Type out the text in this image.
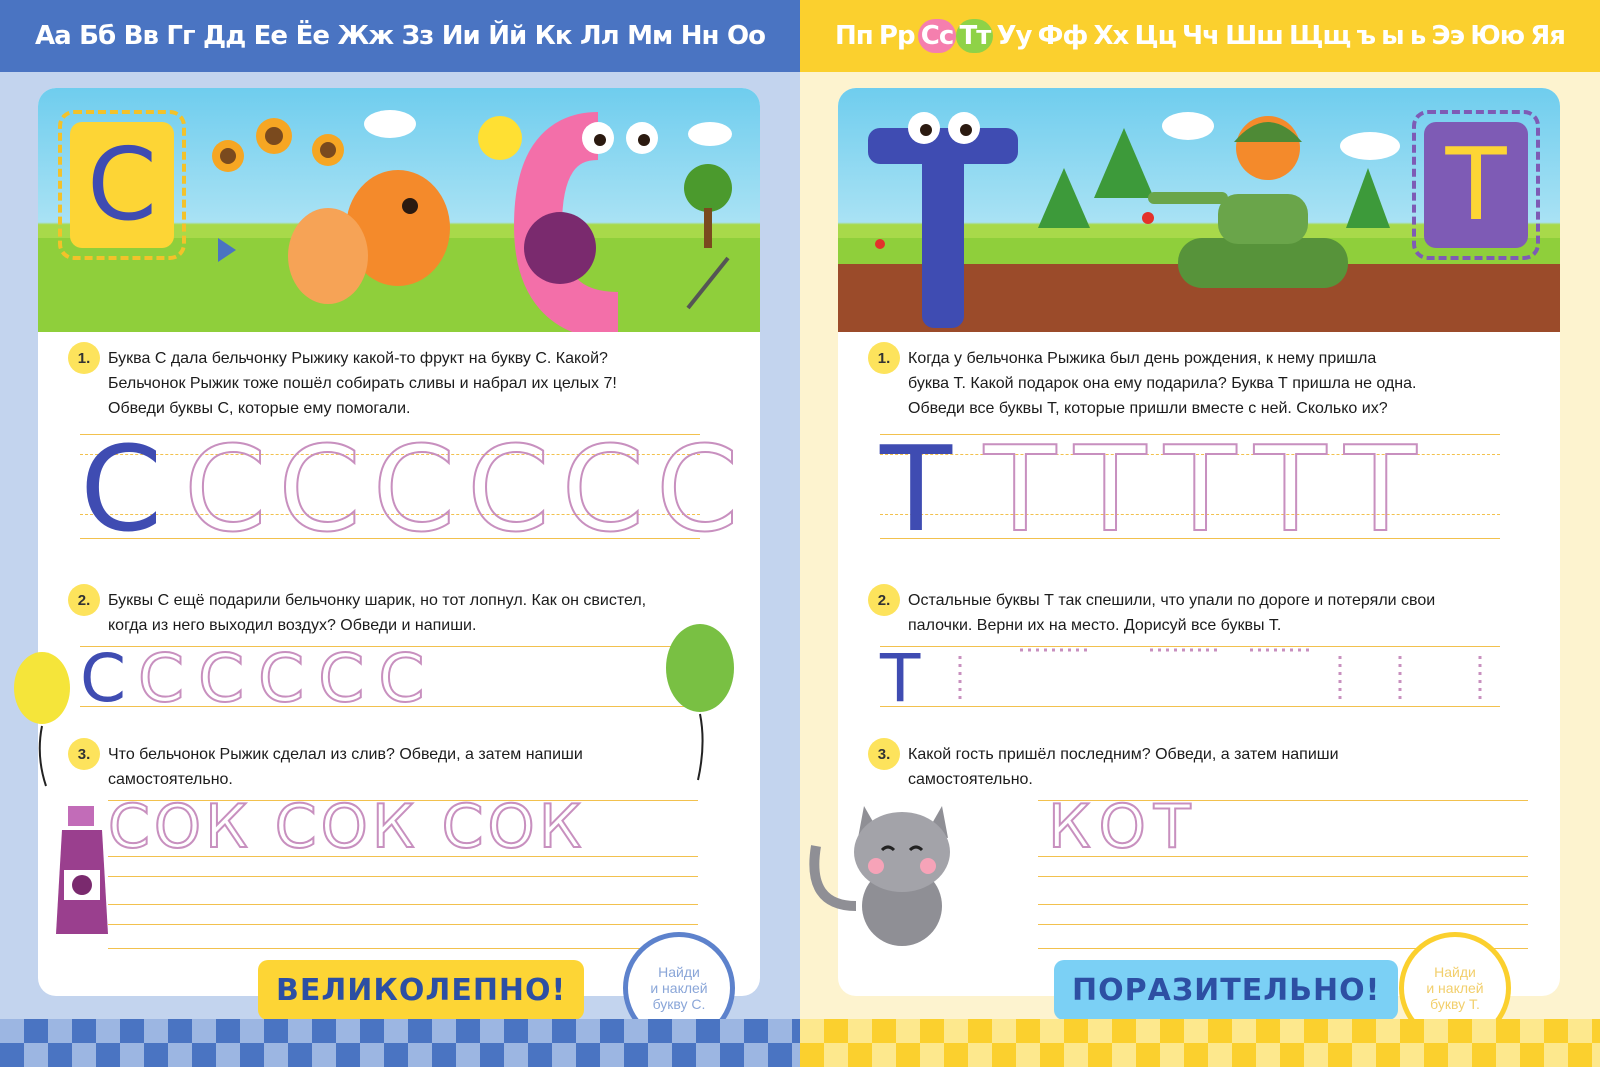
Аа Бб Вв Гг Дд Ее Ёе Жж Зз Ии Йй Кк Лл Мм Нн Оо
С
1.	Буква С дала бельчонку Рыжику какой-то фрукт на букву С. Какой?
Бельчонок Рыжик тоже пошёл собирать сливы и набрал их целых 7!
Обведи буквы С, которые ему помогали.
С СССССС
2.	Буквы С ещё подарили бельчонку шарик, но тот лопнул. Как он свистел,
когда из него выходил воздух? Обведи и напиши.
С ССССС
3.	Что бельчонок Рыжик сделал из слив? Обведи, а затем напиши
самостоятельно.
СОК СОК СОК
ВЕЛИКОЛЕПНО!
Найди
и наклей
букву С.
Пп Рр Сс Тт Уу Фф Хх Цц Чч Шш Щщ ъ ы ь Ээ Юю Яя
Т
1.	Когда у бельчонка Рыжика был день рождения, к нему пришла
буква Т. Какой подарок она ему подарила? Буква Т пришла не одна.
Обведи все буквы Т, которые пришли вместе с ней. Сколько их?
Т ТТТТТ
2.	Остальные буквы Т так спешили, что упали по дороге и потеряли свои
палочки. Верни их на место. Дорисуй все буквы Т.
Т
3.	Какой гость пришёл последним? Обведи, а затем напиши
самостоятельно.
КОТ
ПОРАЗИТЕЛЬНО!
Найди
и наклей
букву Т.
